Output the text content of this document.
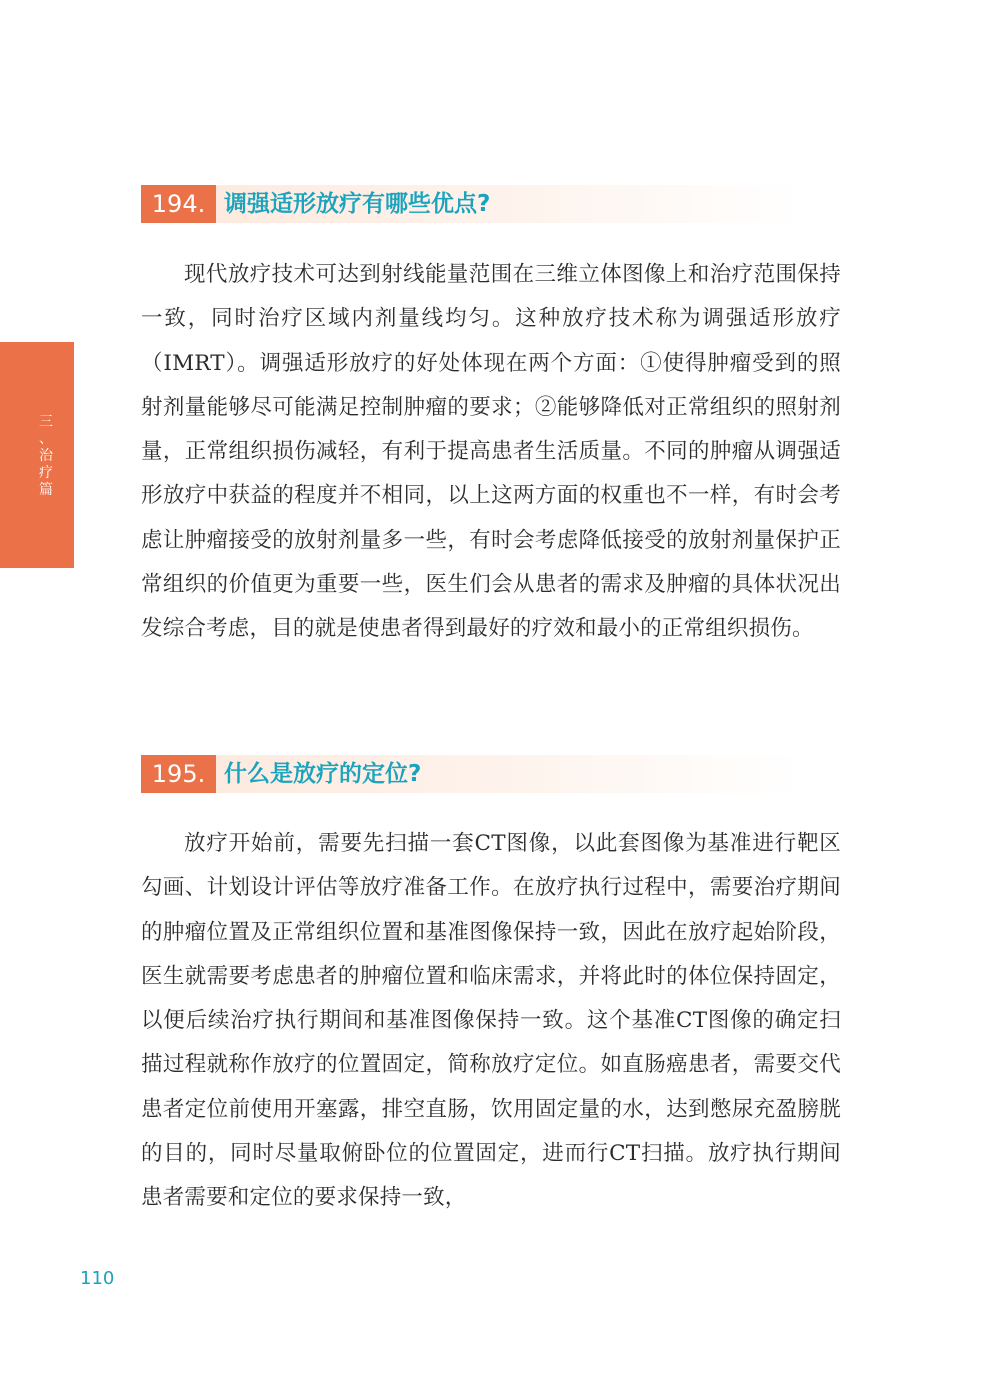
三
、
治
疗
篇
194. 调强适形放疗有哪些优点?

现代放疗技术可达到射线能量范围在三维立体图像上和治疗范围保持一致，同时治疗区域内剂量线均匀。这种放疗技术称为调强适形放疗（IMRT）。调强适形放疗的好处体现在两个方面：①使得肿瘤受到的照射剂量能够尽可能满足控制肿瘤的要求；②能够降低对正常组织的照射剂量，正常组织损伤减轻，有利于提高患者生活质量。不同的肿瘤从调强适形放疗中获益的程度并不相同，以上这两方面的权重也不一样，有时会考虑让肿瘤接受的放射剂量多一些，有时会考虑降低接受的放射剂量保护正常组织的价值更为重要一些，医生们会从患者的需求及肿瘤的具体状况出发综合考虑，目的就是使患者得到最好的疗效和最小的正常组织损伤。

195. 什么是放疗的定位?

放疗开始前，需要先扫描一套CT图像，以此套图像为基准进行靶区勾画、计划设计评估等放疗准备工作。在放疗执行过程中，需要治疗期间的肿瘤位置及正常组织位置和基准图像保持一致，因此在放疗起始阶段，医生就需要考虑患者的肿瘤位置和临床需求，并将此时的体位保持固定，以便后续治疗执行期间和基准图像保持一致。这个基准CT图像的确定扫描过程就称作放疗的位置固定，简称放疗定位。如直肠癌患者，需要交代患者定位前使用开塞露，排空直肠，饮用固定量的水，达到憋尿充盈膀胱的目的，同时尽量取俯卧位的位置固定，进而行CT扫描。放疗执行期间患者需要和定位的要求保持一致，

110
